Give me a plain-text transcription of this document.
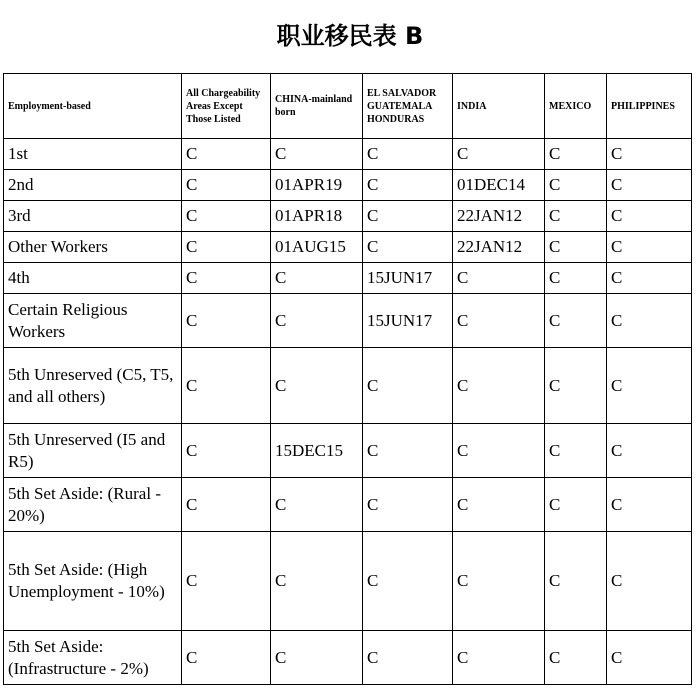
职业移民表 B
Employment-based	All Chargeability Areas Except Those Listed	CHINA-mainland born	EL SALVADOR GUATEMALA HONDURAS	INDIA	MEXICO	PHILIPPINES
1st	C	C	C	C	C	C
2nd	C	01APR19	C	01DEC14	C	C
3rd	C	01APR18	C	22JAN12	C	C
Other Workers	C	01AUG15	C	22JAN12	C	C
4th	C	C	15JUN17	C	C	C
Certain Religious Workers	C	C	15JUN17	C	C	C
5th Unreserved (C5, T5, and all others)	C	C	C	C	C	C
5th Unreserved (I5 and R5)	C	15DEC15	C	C	C	C
5th Set Aside: (Rural - 20%)	C	C	C	C	C	C
5th Set Aside: (High Unemployment - 10%)	C	C	C	C	C	C
5th Set Aside: (Infrastructure - 2%)	C	C	C	C	C	C
